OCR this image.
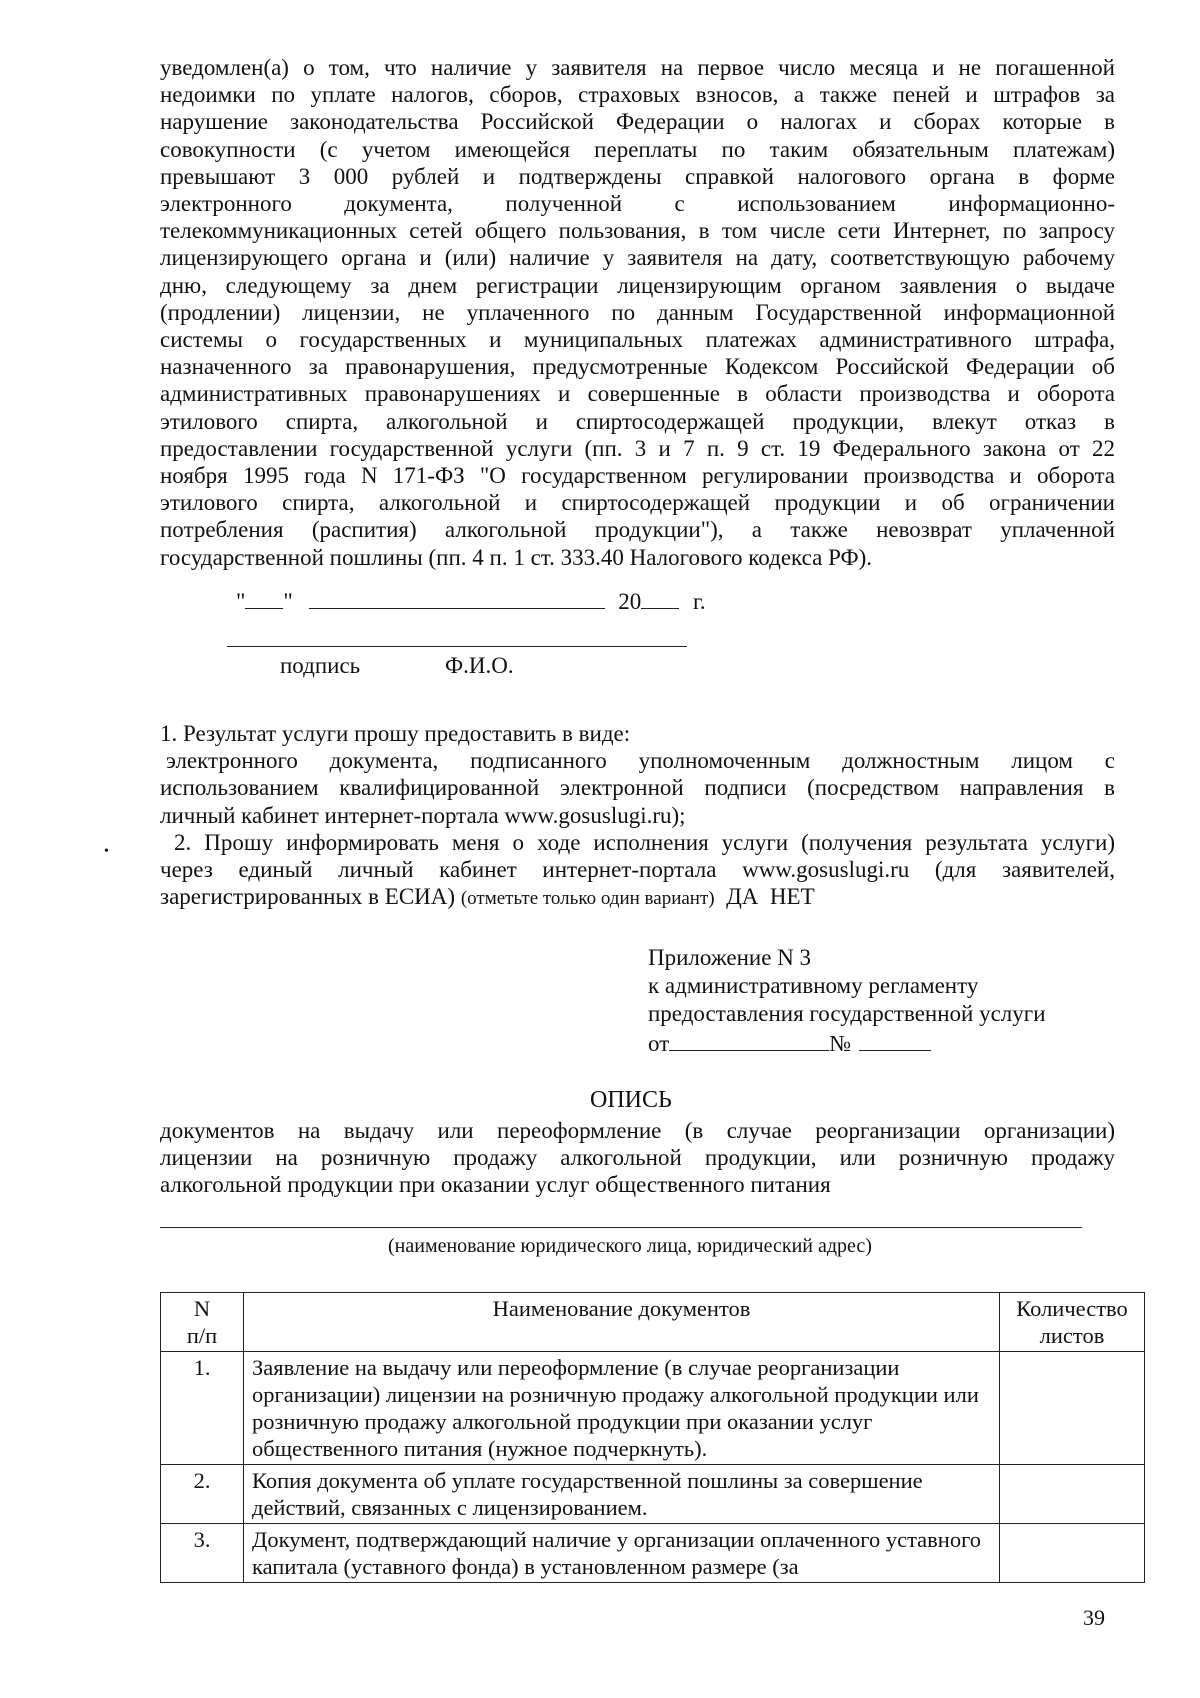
уведомлен(а) о том, что наличие у заявителя на первое число месяца и не погашенной
недоимки по уплате налогов, сборов, страховых взносов, а также пеней и штрафов за
нарушение законодательства Российской Федерации о налогах и сборах которые в
совокупности (с учетом имеющейся переплаты по таким обязательным платежам)
превышают 3 000 рублей и подтверждены справкой налогового органа в форме
электронного документа, полученной с использованием информационно-
телекоммуникационных сетей общего пользования, в том числе сети Интернет, по запросу
лицензирующего органа и (или) наличие у заявителя на дату, соответствующую рабочему
дню, следующему за днем регистрации лицензирующим органом заявления о выдаче
(продлении) лицензии, не уплаченного по данным Государственной информационной
системы о государственных и муниципальных платежах административного штрафа,
назначенного за правонарушения, предусмотренные Кодексом Российской Федерации об
административных правонарушениях и совершенные в области производства и оборота
этилового спирта, алкогольной и спиртосодержащей продукции, влекут отказ в
предоставлении государственной услуги (пп. 3 и 7 п. 9 ст. 19 Федерального закона от 22
ноября 1995 года N 171-ФЗ "О государственном регулировании производства и оборота
этилового спирта, алкогольной и спиртосодержащей продукции и об ограничении
потребления (распития) алкогольной продукции"), а также невозврат уплаченной
государственной пошлины (пп. 4 п. 1 ст. 333.40 Налогового кодекса РФ).
" "	20 г.

подпись	Ф.И.О.

1. Результат услуги прошу предоставить в виде:
электронного документа, подписанного уполномоченным должностным лицом с
использованием квалифицированной электронной подписи (посредством направления в
личный кабинет интернет-портала www.gosuslugi.ru);
2. Прошу информировать меня о ходе исполнения услуги (получения результата услуги)
через единый личный кабинет интернет-портала www.gosuslugi.ru (для заявителей,
зарегистрированных в ЕСИА) (отметьте только один вариант) ДА НЕТ
•
Приложение N 3
к административному регламенту
предоставления государственной услуги
от	№

ОПИСЬ

документов на выдачу или переоформление (в случае реорганизации организации)
лицензии на розничную продажу алкогольной продукции, или розничную продажу
алкогольной продукции при оказании услуг общественного питания

(наименование юридического лица, юридический адрес)

N
п/п	Наименование документов	Количество
листов

1.	Заявление на выдачу или переоформление (в случае реорганизации организации) лицензии на розничную продажу алкогольной продукции или розничную продажу алкогольной продукции при оказании услуг общественного питания (нужное подчеркнуть).	
2.	Копия документа об уплате государственной пошлины за совершение действий, связанных с лицензированием.	
3.	Документ, подтверждающий наличие у организации оплаченного уставного капитала (уставного фонда) в установленном размере (за	

39
